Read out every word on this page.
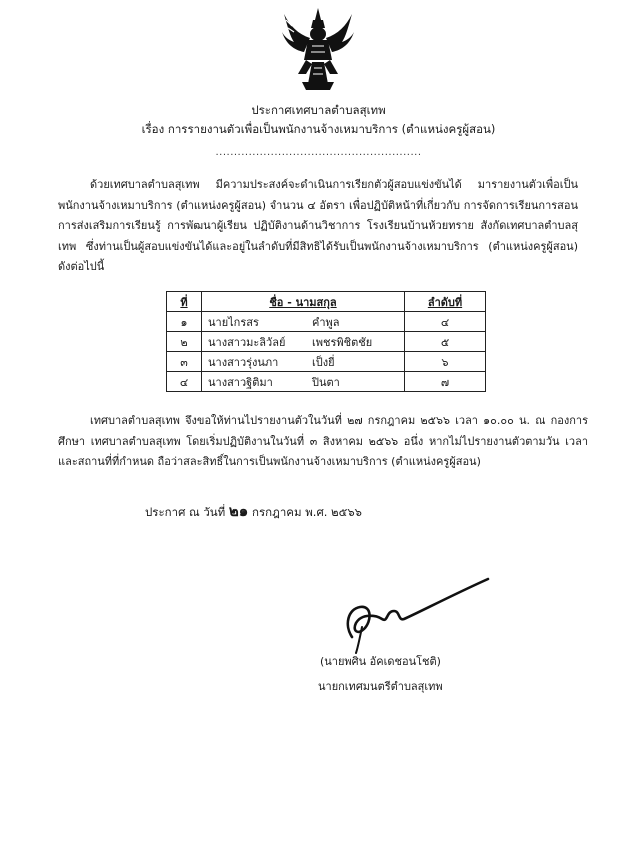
ประกาศเทศบาลตำบลสุเทพ
เรื่อง การรายงานตัวเพื่อเป็นพนักงานจ้างเหมาบริการ (ตำแหน่งครูผู้สอน)
........................................................
ด้วยเทศบาลตำบลสุเทพ มีความประสงค์จะดำเนินการเรียกตัวผู้สอบแข่งขันได้ มารายงานตัวเพื่อเป็นพนักงานจ้างเหมาบริการ (ตำแหน่งครูผู้สอน) จำนวน ๔ อัตรา เพื่อปฏิบัติหน้าที่เกี่ยวกับ การจัดการเรียนการสอนการส่งเสริมการเรียนรู้ การพัฒนาผู้เรียน ปฏิบัติงานด้านวิชาการ โรงเรียนบ้านห้วยทราย สังกัดเทศบาลตำบลสุเทพ ซึ่งท่านเป็นผู้สอบแข่งขันได้และอยู่ในลำดับที่มีสิทธิได้รับเป็นพนักงานจ้างเหมาบริการ (ตำแหน่งครูผู้สอน) ดังต่อไปนี้
ที่	ชื่อ - นามสกุล	ลำดับที่
๑	นายไกรสร คำพูล	๔
๒	นางสาวมะลิวัลย์ เพชรพิชิตชัย	๕
๓	นางสาวรุ่งนภา เป็งยี่	๖
๔	นางสาวฐิติมา ปินตา	๗
เทศบาลตำบลสุเทพ จึงขอให้ท่านไปรายงานตัวในวันที่ ๒๗ กรกฎาคม ๒๕๖๖ เวลา ๑๐.๐๐ น. ณ กองการศึกษา เทศบาลตำบลสุเทพ โดยเริ่มปฏิบัติงานในวันที่ ๓ สิงหาคม ๒๕๖๖ อนึ่ง หากไม่ไปรายงานตัวตามวัน เวลา และสถานที่ที่กำหนด ถือว่าสละสิทธิ์ในการเป็นพนักงานจ้างเหมาบริการ (ตำแหน่งครูผู้สอน)
ประกาศ ณ วันที่ ๒๑ กรกฎาคม พ.ศ. ๒๕๖๖
(นายพศิน อัคเดชอนโชติ)
นายกเทศมนตรีตำบลสุเทพ
